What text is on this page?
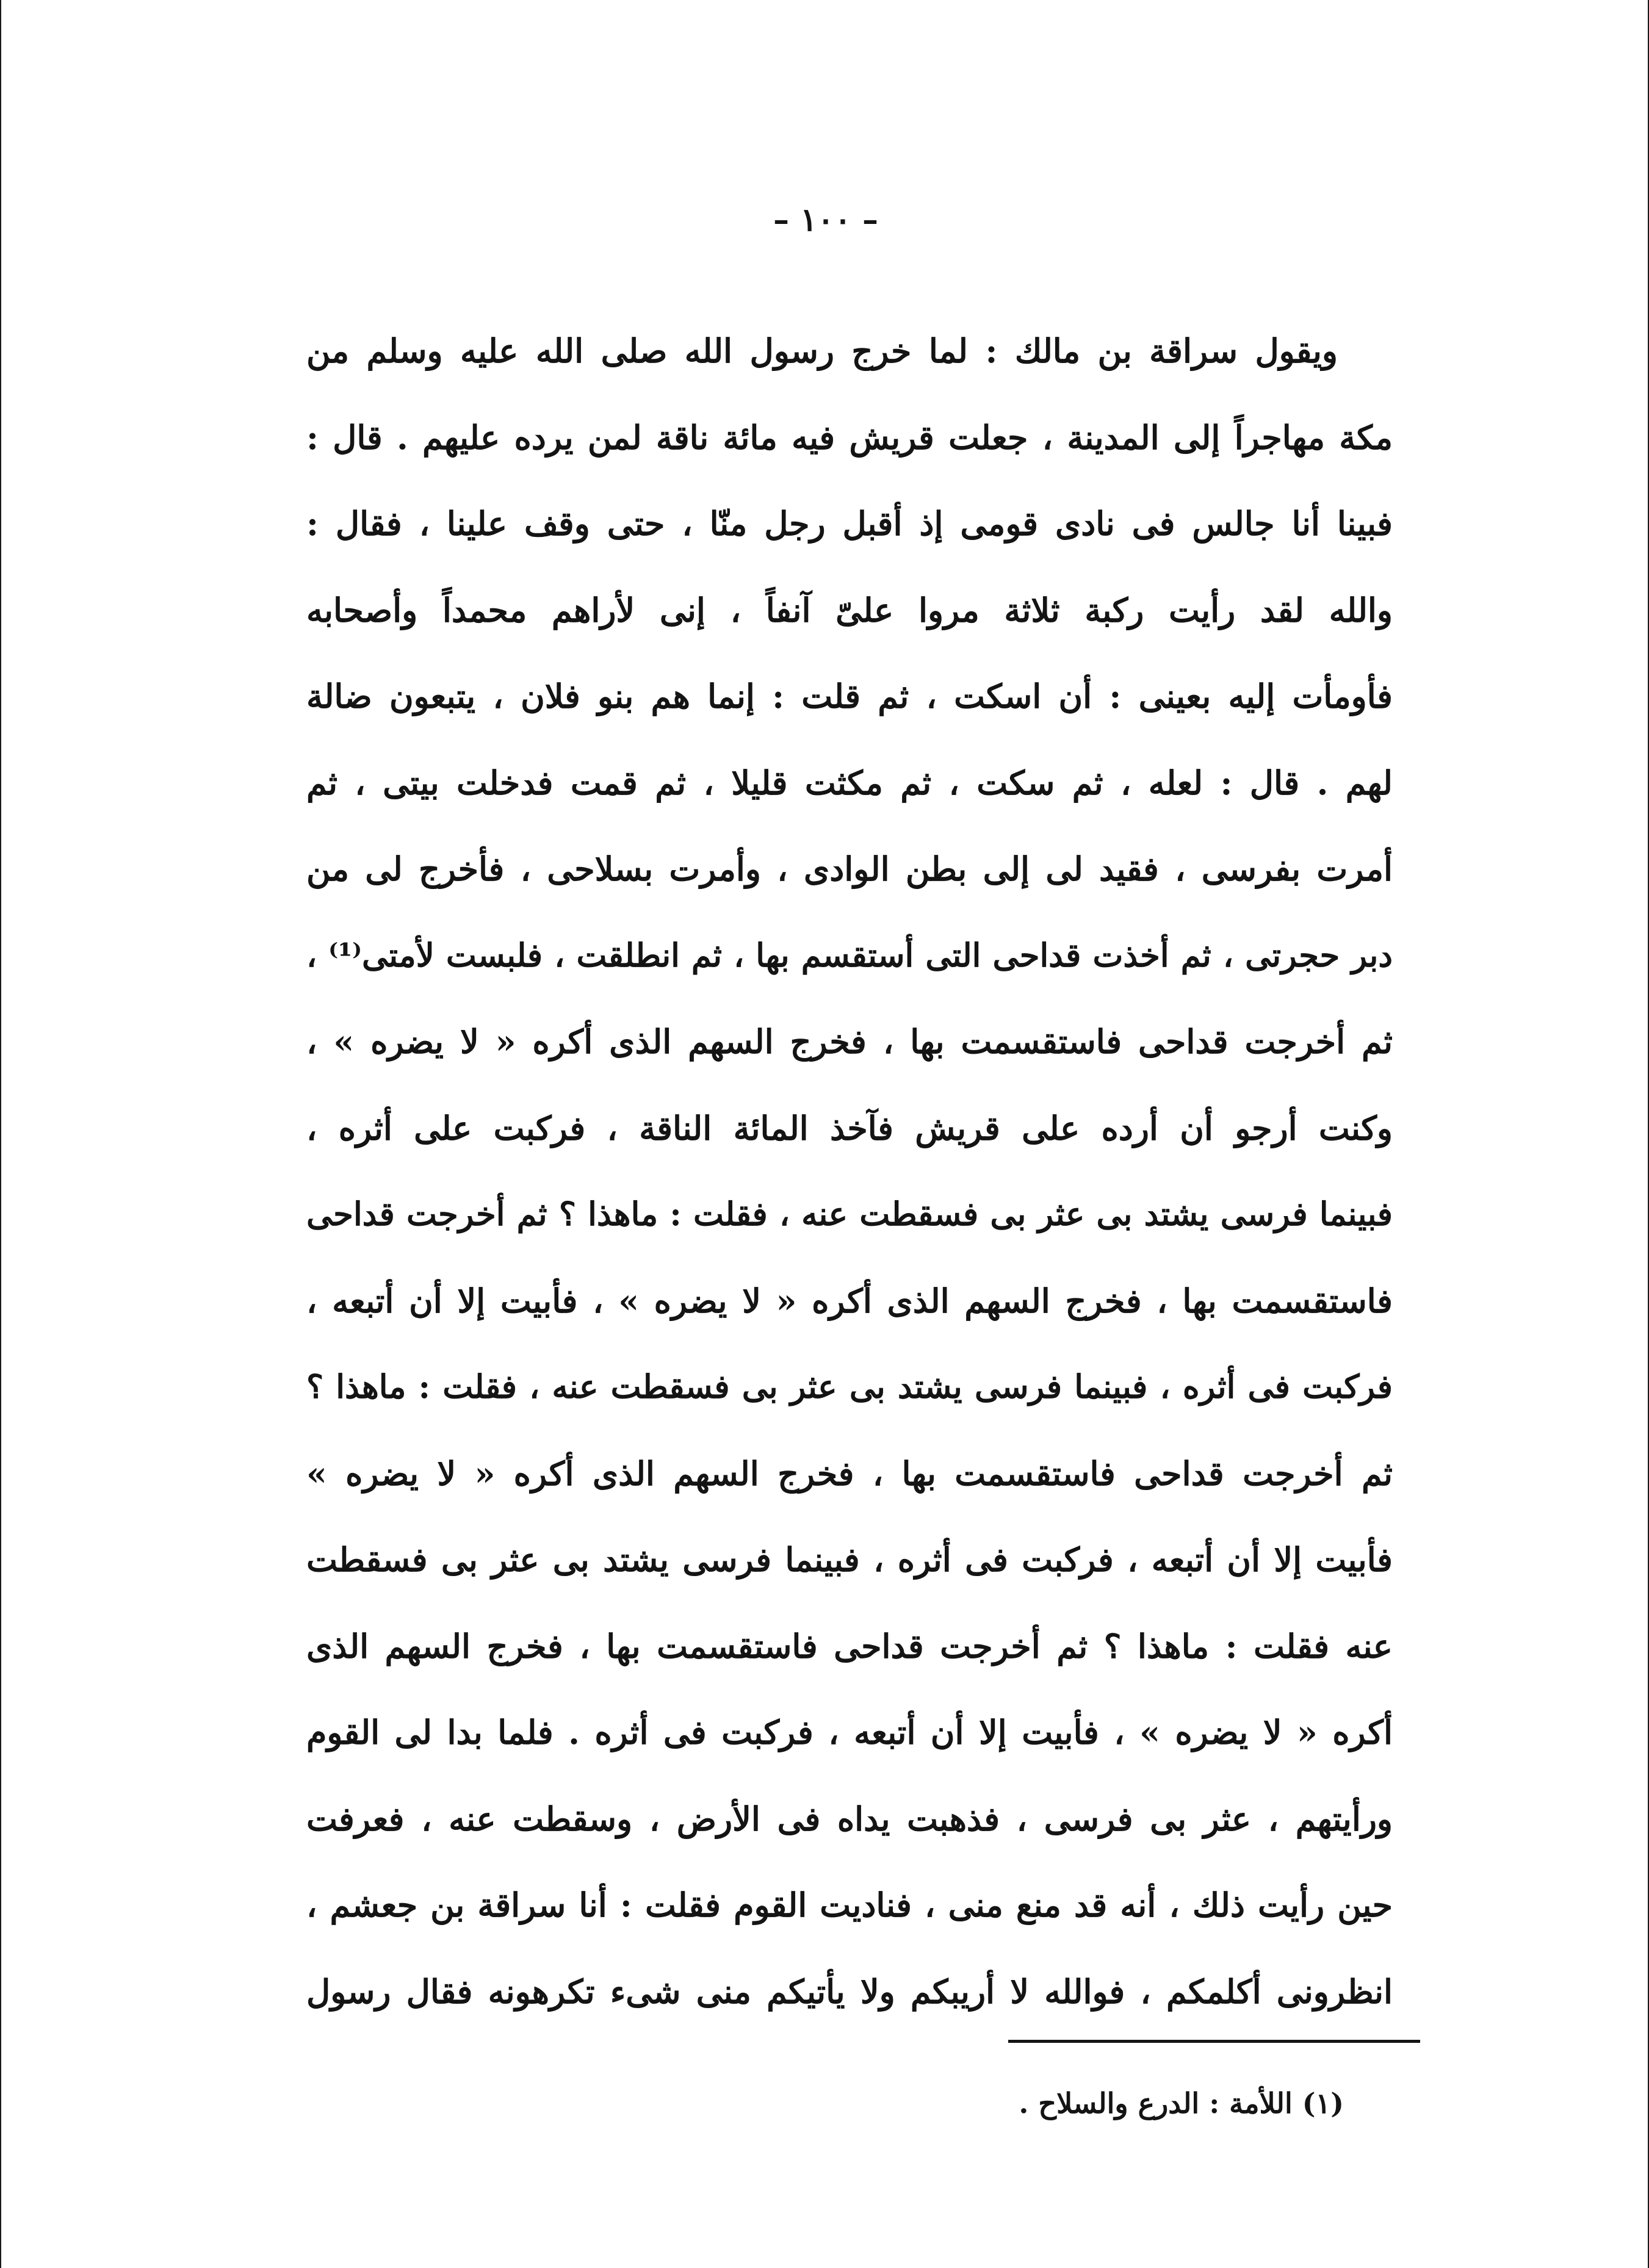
– ١٠٠ –
ويقول سراقة بن مالك : لما خرج رسول الله صلى الله عليه وسلم من
مكة مهاجراً إلى المدينة ، جعلت قريش فيه مائة ناقة لمن يرده عليهم . قال :
فبينا أنا جالس فى نادى قومى إذ أقبل رجل منّا ، حتى وقف علينا ، فقال :
والله لقد رأيت ركبة ثلاثة مروا علىّ آنفاً ، إنى لأراهم محمداً وأصحابه
فأومأت إليه بعينى : أن اسكت ، ثم قلت : إنما هم بنو فلان ، يتبعون ضالة
لهم . قال : لعله ، ثم سكت ، ثم مكثت قليلا ، ثم قمت فدخلت بيتى ، ثم
أمرت بفرسى ، فقيد لى إلى بطن الوادى ، وأمرت بسلاحى ، فأخرج لى من
دبر حجرتى ، ثم أخذت قداحى التى أستقسم بها ، ثم انطلقت ، فلبست لأمتى⁽¹⁾ ،
ثم أخرجت قداحى فاستقسمت بها ، فخرج السهم الذى أكره « لا يضره » ،
وكنت أرجو أن أرده على قريش فآخذ المائة الناقة ، فركبت على أثره ،
فبينما فرسى يشتد بى عثر بى فسقطت عنه ، فقلت : ماهذا ؟ ثم أخرجت قداحى
فاستقسمت بها ، فخرج السهم الذى أكره « لا يضره » ، فأبيت إلا أن أتبعه ،
فركبت فى أثره ، فبينما فرسى يشتد بى عثر بى فسقطت عنه ، فقلت : ماهذا ؟
ثم أخرجت قداحى فاستقسمت بها ، فخرج السهم الذى أكره « لا يضره »
فأبيت إلا أن أتبعه ، فركبت فى أثره ، فبينما فرسى يشتد بى عثر بى فسقطت
عنه فقلت : ماهذا ؟ ثم أخرجت قداحى فاستقسمت بها ، فخرج السهم الذى
أكره « لا يضره » ، فأبيت إلا أن أتبعه ، فركبت فى أثره . فلما بدا لى القوم
ورأيتهم ، عثر بى فرسى ، فذهبت يداه فى الأرض ، وسقطت عنه ، فعرفت
حين رأيت ذلك ، أنه قد منع منى ، فناديت القوم فقلت : أنا سراقة بن جعشم ،
انظرونى أكلمكم ، فوالله لا أريبكم ولا يأتيكم منى شىء تكرهونه فقال رسول
(١) اللأمة : الدرع والسلاح .
